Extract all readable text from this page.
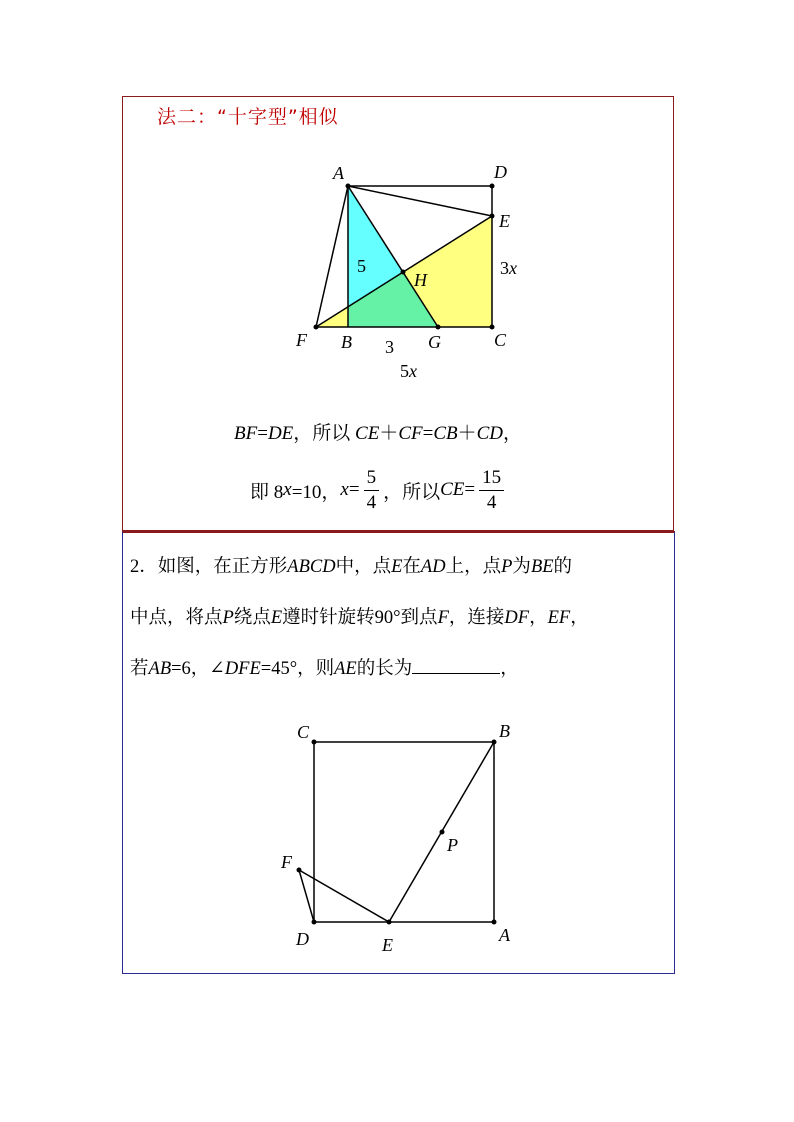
法二：“十字型”相似
A	D
E
F B	G	C
H
5
3
3x
5x
BF=DE，所以 CE＋CF=CB＋CD，
即 8 x =10， $x = \frac{5}{4}$ ，所以 CE = $\frac{15}{4}$
2．如图，在正方形ABCD中，点E在AD上，点P为BE的
中点，将点P绕点E遵时针旋转90°到点F，连接DF，EF，
若AB=6，∠DFE=45°，则AE的长为	，
C	B
P
F
D	E	A
